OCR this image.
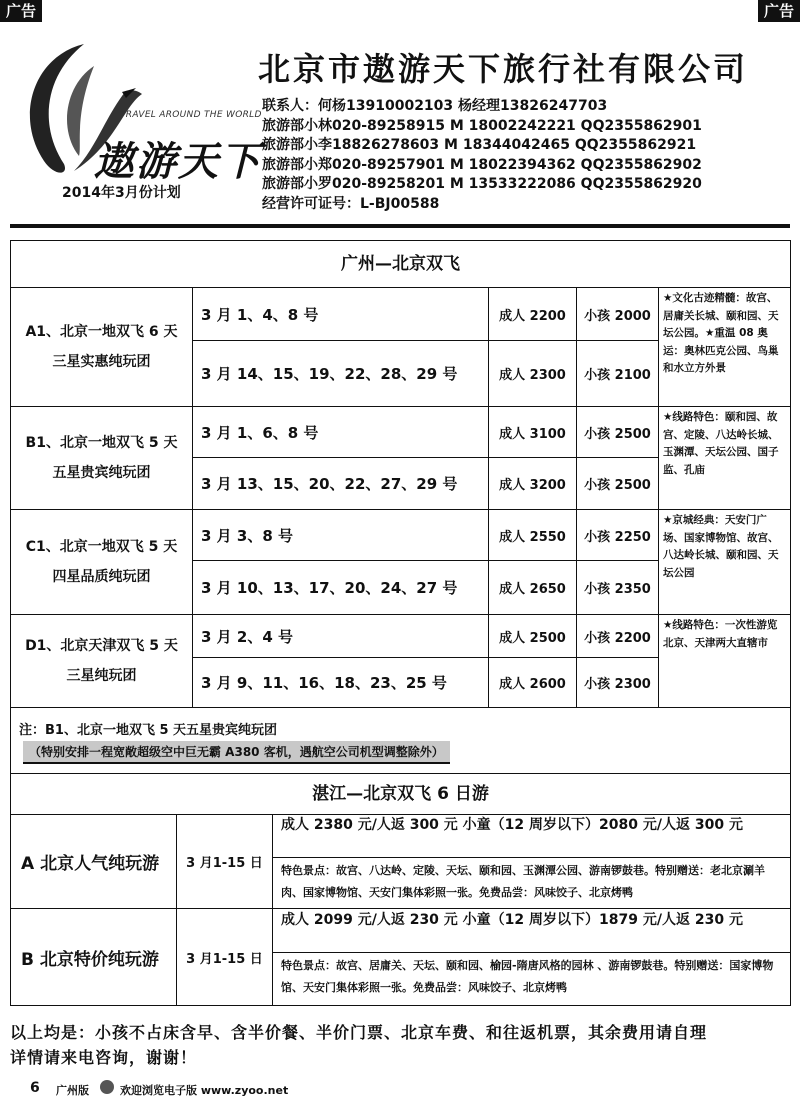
广告	广告
TRAVEL AROUND THE WORLD
遨游天下
2014年3月份计划
北京市遨游天下旅行社有限公司
联系人：何杨13910002103 杨经理13826247703
旅游部小林020-89258915 M 18002242221 QQ2355862901
旅游部小李18826278603 M 18344042465 QQ2355862921
旅游部小郑020-89257901 M 18022394362 QQ2355862902
旅游部小罗020-89258201 M 13533222086 QQ2355862920
经营许可证号：L-BJ00588
广州—北京双飞
A1、北京一地双飞 6 天
三星实惠纯玩团
3 月 1、4、8 号	成人 2200	小孩 2000
3 月 14、15、19、22、28、29 号	成人 2300	小孩 2100
★文化古迹精髓：故宫、居庸关长城、颐和园、天坛公园。★重温 08 奥运：奥林匹克公园、鸟巢和水立方外景
B1、北京一地双飞 5 天
五星贵宾纯玩团
3 月 1、6、8 号	成人 3100	小孩 2500
3 月 13、15、20、22、27、29 号	成人 3200	小孩 2500
★线路特色：颐和园、故宫、定陵、八达岭长城、玉渊潭、天坛公园、国子监、孔庙
C1、北京一地双飞 5 天
四星品质纯玩团
3 月 3、8 号	成人 2550	小孩 2250
3 月 10、13、17、20、24、27 号	成人 2650	小孩 2350
★京城经典：天安门广场、国家博物馆、故宫、八达岭长城、颐和园、天坛公园
D1、北京天津双飞 5 天
三星纯玩团
3 月 2、4 号	成人 2500	小孩 2200
3 月 9、11、16、18、23、25 号	成人 2600	小孩 2300
★线路特色：一次性游览北京、天津两大直辖市
注：B1、北京一地双飞 5 天五星贵宾纯玩团
（特别安排一程宽敞超级空中巨无霸 A380 客机，遇航空公司机型调整除外）
湛江—北京双飞 6 日游
A 北京人气纯玩游	3 月1-15 日
成人 2380 元/人返 300 元 小童（12 周岁以下）2080 元/人返 300 元
特色景点：故宫、八达岭、定陵、天坛、颐和园、玉渊潭公园、游南锣鼓巷。特别赠送：老北京涮羊肉、国家博物馆、天安门集体彩照一张。免费品尝：风味饺子、北京烤鸭
B 北京特价纯玩游	3 月1-15 日
成人 2099 元/人返 230 元 小童（12 周岁以下）1879 元/人返 230 元
特色景点：故宫、居庸关、天坛、颐和园、榆园-隋唐风格的园林 、游南锣鼓巷。特别赠送：国家博物馆、天安门集体彩照一张。免费品尝：风味饺子、北京烤鸭
以上均是：小孩不占床含早、含半价餐、半价门票、北京车费、和往返机票，其余费用请自理
详情请来电咨询，谢谢！
6 广州版	欢迎浏览电子版 www.zyoo.net
